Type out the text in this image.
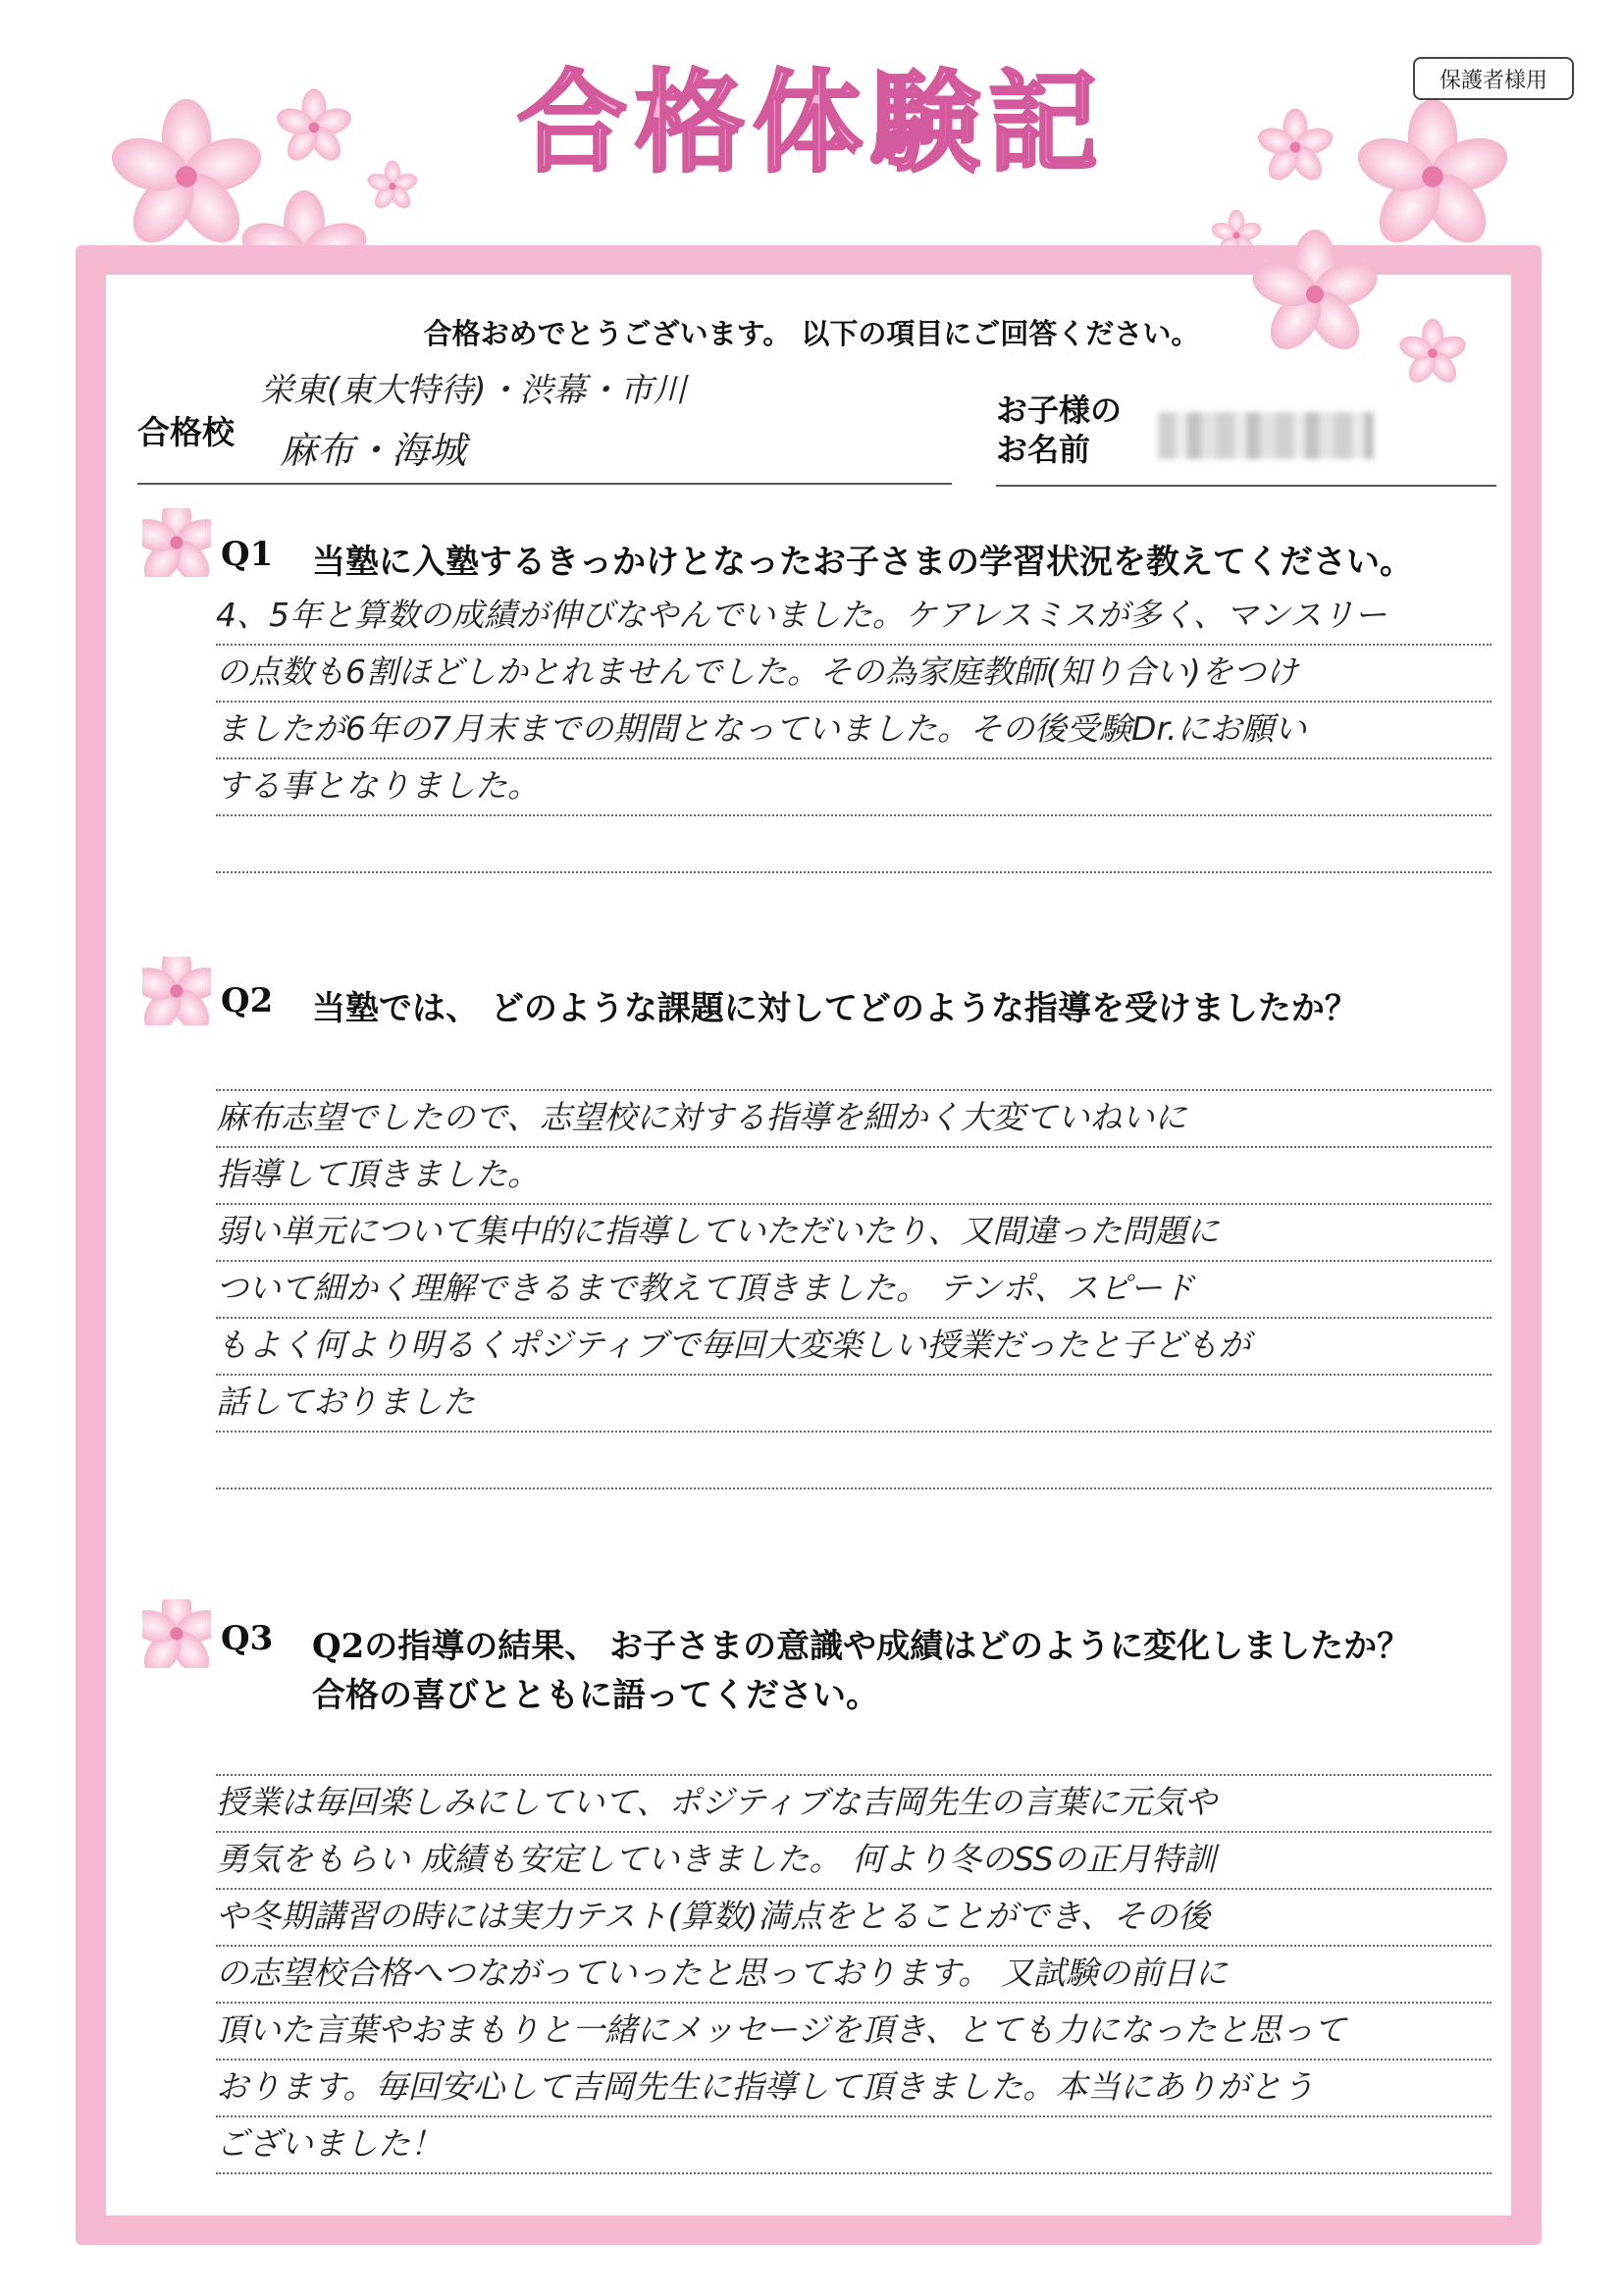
保護者様用
合格体験記
合格おめでとうございます。 以下の項目にご回答ください。
合格校
栄東(東大特待)・渋幕・市川
麻布・海城
お子様の
お名前
Q1 当塾に入塾するきっかけとなったお子さまの学習状況を教えてください。
4、5年と算数の成績が伸びなやんでいました。ケアレスミスが多く、マンスリー
の点数も6割ほどしかとれませんでした。その為家庭教師(知り合い)をつけ
ましたが6年の7月末までの期間となっていました。その後受験Dr.にお願い
する事となりました。
Q2 当塾では、 どのような課題に対してどのような指導を受けましたか？
麻布志望でしたので、志望校に対する指導を細かく大変ていねいに
指導して頂きました。
弱い単元について集中的に指導していただいたり、又間違った問題に
ついて細かく理解できるまで教えて頂きました。 テンポ、スピード
もよく何より明るくポジティブで毎回大変楽しい授業だったと子どもが
話しておりました
Q3 Q2の指導の結果、 お子さまの意識や成績はどのように変化しましたか？
合格の喜びとともに語ってください。
授業は毎回楽しみにしていて、ポジティブな吉岡先生の言葉に元気や
勇気をもらい 成績も安定していきました。 何より冬のSSの正月特訓
や冬期講習の時には実力テスト(算数)満点をとることができ、その後
の志望校合格へつながっていったと思っております。 又試験の前日に
頂いた言葉やおまもりと一緒にメッセージを頂き、とても力になったと思って
おります。毎回安心して吉岡先生に指導して頂きました。本当にありがとう
ございました！
